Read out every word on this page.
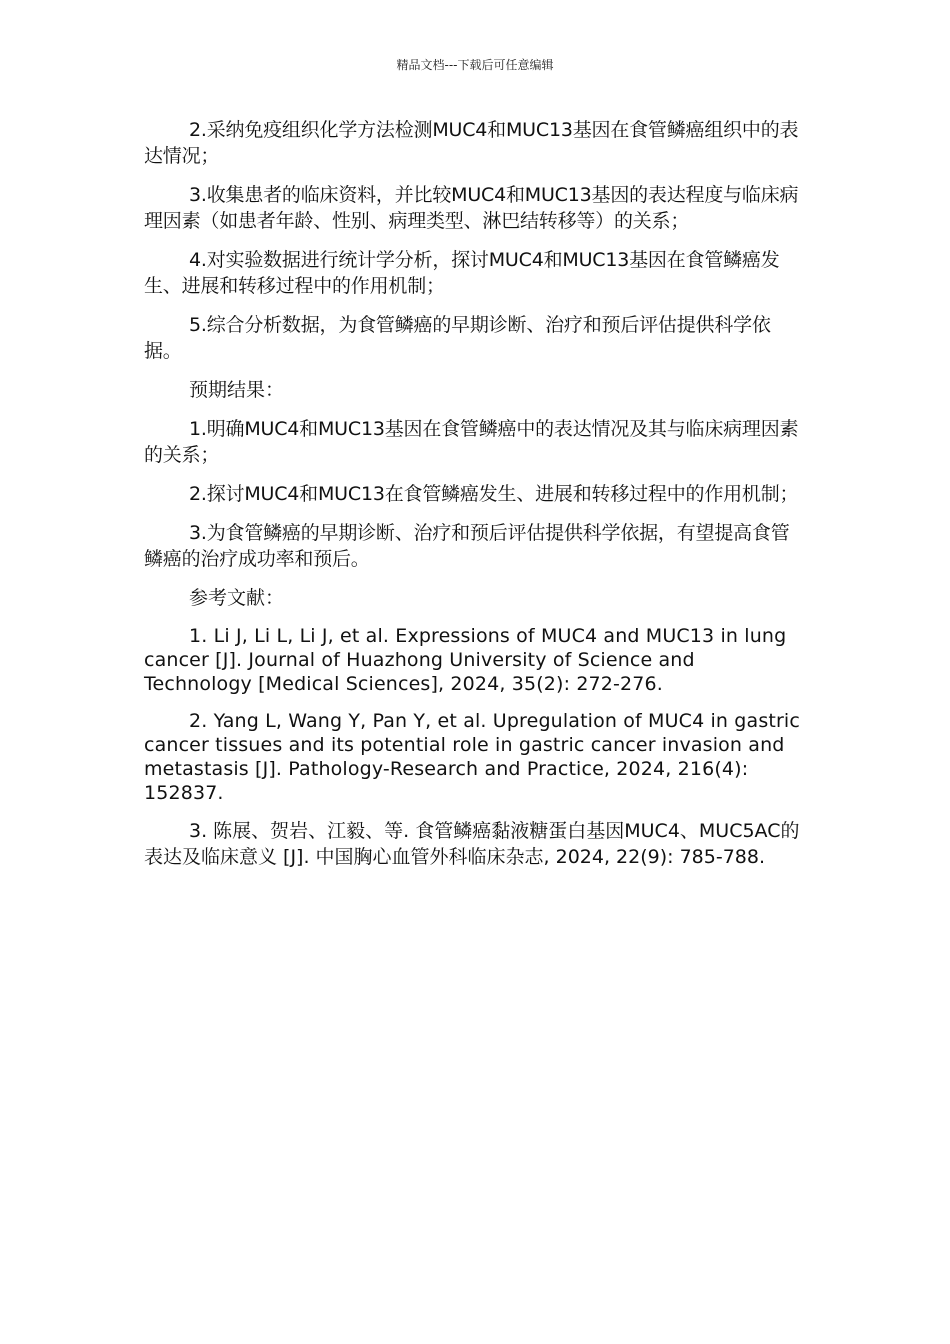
精品文档---下载后可任意编辑

2.采纳免疫组织化学方法检测MUC4和MUC13基因在食管鳞癌组织中的表达情况；

3.收集患者的临床资料，并比较MUC4和MUC13基因的表达程度与临床病理因素（如患者年龄、性别、病理类型、淋巴结转移等）的关系；

4.对实验数据进行统计学分析，探讨MUC4和MUC13基因在食管鳞癌发生、进展和转移过程中的作用机制；

5.综合分析数据，为食管鳞癌的早期诊断、治疗和预后评估提供科学依据。

预期结果：

1.明确MUC4和MUC13基因在食管鳞癌中的表达情况及其与临床病理因素的关系；

2.探讨MUC4和MUC13在食管鳞癌发生、进展和转移过程中的作用机制；

3.为食管鳞癌的早期诊断、治疗和预后评估提供科学依据，有望提高食管鳞癌的治疗成功率和预后。

参考文献：

1. Li J, Li L, Li J, et al. Expressions of MUC4 and MUC13 in lung cancer [J]. Journal of Huazhong University of Science and Technology [Medical Sciences], 2024, 35(2): 272-276.

2. Yang L, Wang Y, Pan Y, et al. Upregulation of MUC4 in gastric cancer tissues and its potential role in gastric cancer invasion and metastasis [J]. Pathology-Research and Practice, 2024, 216(4): 152837.

3. 陈展、贺岩、江毅、等. 食管鳞癌黏液糖蛋白基因MUC4、MUC5AC的表达及临床意义 [J]. 中国胸心血管外科临床杂志, 2024, 22(9): 785-788.
